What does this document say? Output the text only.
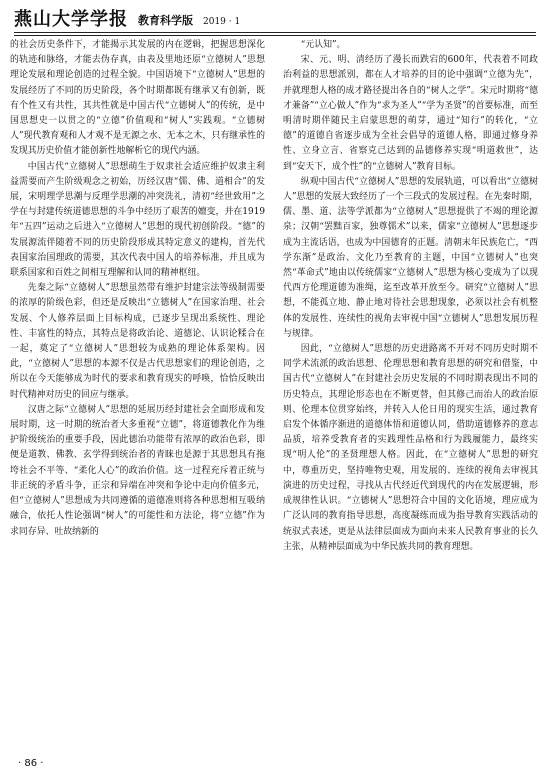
燕山大学学报 教育科学版 2019 · 1

的社会历史条件下，才能揭示其发展的内在逻辑，把握思想深化的轨迹和脉络，才能去伪存真，由表及里地还原“立德树人”思想理论发展和理论创造的过程全貌。中国语境下“立德树人”思想的发展经历了不同的历史阶段，各个时期都既有继承又有创新，既有个性又有共性，其共性就是中国古代“立德树人”的传统，是中国思想史一以贯之的“立德”价值观和“树人”实践观。“立德树人”现代教育观和人才观不是无源之水、无本之木，只有继承性的发现其历史价值才能创新性地解析它的现代内涵。

中国古代“立德树人”思想萌生于奴隶社会适应维护奴隶主利益需要而产生阶级观念之初始，历经汉唐“儒、佛、道相合”的发展，宋明理学思潮与反理学思潮的冲突洗礼，清初“经世致用”之学在与封建传统道德思想的斗争中经历了艰苦的嬗变，并在1919年“五四”运动之后进入“立德树人”思想的现代初创阶段。“德”的发展源流伴随着不同的历史阶段形成其特定意义的建构，首先代表国家治国理政的需要，其次代表中国人的培养标准，并且成为联系国家和百姓之间相互理解和认同的精神枢纽。

先秦之际“立德树人”思想虽然带有维护封建宗法等级制需要的浓厚的阶级色彩，但还是反映出“立德树人”在国家治理、社会发展、个人修养层面上目标构成，已逐步呈现出系统性、理论性、丰富性的特点，其特点是将政治论、道德论、认识论糅合在一起，奠定了“立德树人”思想较为成熟的理论体系架构。因此，“立德树人”思想的本源不仅是古代思想家们的理论创造，之所以在今天能够成为时代的要求和教育现实的呼唤，恰恰反映出时代精神对历史的回应与继承。

汉唐之际“立德树人”思想的延展历经封建社会全面形成和发展时期，这一时期的统治者大多重视“立德”，将道德教化作为维护阶级统治的重要手段，因此德治功能带有浓厚的政治色彩，即便是道教、佛教、玄学得到统治者的青睐也是源于其思想具有拖垮社会不平等、“柔化人心”的政治价值。这一过程充斥着正统与非正统的矛盾斗争，正宗和异端在冲突和争论中走向价值多元，但“立德树人”思想成为共同遵循的道德准则将各种思想相互吸纳融合，依托人性论强调“树人”的可能性和方法论，将“立德”作为求同存异、吐故纳新的

“元认知”。

宋、元、明、清经历了漫长而跌宕的600年，代表着不同政治利益的思想派别，都在人才培养的目的论中强调“立德为先”，并就理想人格的成才路径提出各自的“树人之学”。宋元时期将“德才兼备”“立心做人”作为“求为圣人”“学为圣贤”的首要标准，而至明清时期伴随民主启蒙思想的萌芽，通过“知行”的转化，“立德”的道德自省逐步成为全社会倡导的道德人格，即通过修身养性、立身立言、省察克己达到的品德修养实现“明道救世”，达到“安天下，成个性”的“立德树人”教育目标。

纵观中国古代“立德树人”思想的发展轨道，可以看出“立德树人”思想的发展大致经历了一个三段式的发展过程。在先秦时期，儒、墨、道、法等学派都为“立德树人”思想提供了不竭的理论源泉；汉朝“罢黜百家，独尊儒术”以来，儒家“立德树人”思想逐步成为主流话语，也成为中国德育的正题。清朝末年民族危亡，“西学东渐”是政治、文化乃至教育的主题，中国“立德树人”也突然“革命式”地由以传统儒家“立德树人”思想为核心变成为了以现代西方伦理道德为准绳，迄至改革开放至今。研究“立德树人”思想，不能孤立地、静止地对待社会思想现象，必须以社会有机整体的发展性、连续性的视角去审视中国“立德树人”思想发展历程与规律。

因此，“立德树人”思想的历史进路离不开对不同历史时期不同学术流派的政治思想、伦理思想和教育思想的研究和借鉴，中国古代“立德树人”在封建社会历史发展的不同时期表现出不同的历史特点，其理论形态也在不断更替，但其修己而治人的政治原则、伦理本位贯穿始终，并转入人伦日用的现实生活，通过教育启发个体循序渐进的道德体悟和道德认同，借助道德修养的意志品质，培养受教育者的实践理性品格和行为践履能力，最终实现“明人伦”的圣贤理想人格。因此，在“立德树人”思想的研究中，尊重历史，坚持唯物史观，用发展的、连续的视角去审视其演进的历史过程，寻找从古代经近代到现代的内在发展逻辑，形成规律性认识。“立德树人”思想符合中国的文化语境，理应成为广泛认同的教育指导思想，高度凝练而成为指导教育实践活动的统驭式表述，更是从法律层面成为面向未来人民教育事业的长久主张，从精神层面成为中华民族共同的教育理想。

· 86 ·
